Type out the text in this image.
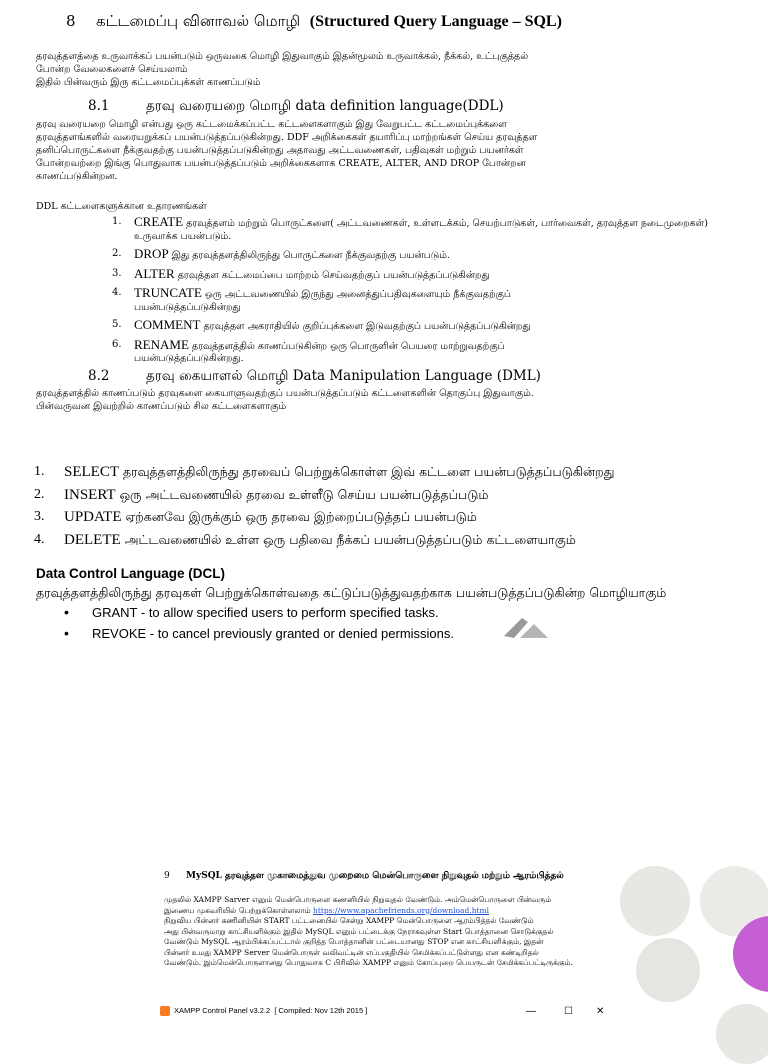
8 கட்டமைப்பு வினாவல் மொழி (Structured Query Language – SQL)
தரவுத்தளத்தை உருவாக்கப் பயன்படும் ஒருவகை மொழி இதுவாகும் இதன்மூலம் உருவாக்கல், நீக்கல், உட்புகுத்தல்
போன்ற வேலைகளைச் செய்யலாம்
இதில் பின்வரும் இரு கட்டமைப்புக்கள் காணப்படும்
8.1	தரவு வரையறை மொழி data definition language(DDL)
தரவு வரையறை மொழி என்பது ஒரு கட்டமைக்கப்பட்ட கட்டளைகளாகும் இது வேறுபட்ட கட்டமைப்புக்களை
தரவுத்தளங்களில் வரையறுக்கப் பயன்படுத்தப்படுகின்றது. DDF அறிக்கைகள் தயாரிப்பு மாற்றங்கள் செய்ய தரவுத்தள
தனிப்பொருட்களை நீக்குவதற்கு பயன்படுத்தப்படுகின்றது அதாவது அட்டவணைகள், பதிவுகள் மற்றும் பயனர்கள்
போன்றவற்றை இங்கு பொதுவாக பயன்படுத்தப்படும் அறிக்கைகளாக CREATE, ALTER, AND DROP போன்றன
காணப்படுகின்றன.
DDL கட்டளைகளுக்கான உதாரணங்கள்
1. CREATE தரவுத்தளம் மற்றும் பொருட்களை( அட்டவணைகள், உள்ளடக்கம், செயற்பாடுகள், பார்வைகள், தரவுத்தள நடைமுறைகள்) உருவாக்க பயன்படும்.
2. DROP இது தரவுத்தளத்திலிருந்து பொருட்களை நீக்குவதற்கு பயன்படும்.
3. ALTER தரவுத்தள கட்டமைப்பை மாற்றம் செய்வதற்குப் பயன்படுத்தப்படுகின்றது
4. TRUNCATE ஒரு அட்டவணையில் இருந்து அனைத்துப்பதிவுகளையும் நீக்குவதற்குப் பயன்படுத்தப்படுகின்றது
5. COMMENT தரவுத்தள அகராதியில் குறிப்புக்களை இடுவதற்குப் பயன்படுத்தப்படுகின்றது
6. RENAME தரவுத்தளத்தில் காணப்படுகின்ற ஒரு பொருளின் பெயரை மாற்றுவதற்குப் பயன்படுத்தப்படுகின்றது.
8.2	தரவு கையாளல் மொழி Data Manipulation Language (DML)
தரவுத்தளத்தில் காணப்படும் தரவுகளை கையாளுவதற்குப் பயன்படுத்தப்படும் கட்டளைகளின் தொகுப்பு இதுவாகும்.
பின்வருவன இவற்றில் காணப்படும் சில கட்டளைகளாகும்
1. SELECT தரவுத்தளத்திலிருந்து தரவைப் பெற்றுக்கொள்ள இவ் கட்டளை பயன்படுத்தப்படுகின்றது
2. INSERT ஒரு அட்டவணையில் தரவை உள்ளீடு செய்ய பயன்படுத்தப்படும்
3. UPDATE ஏற்கனவே இருக்கும் ஒரு தரவை இற்றைப்படுத்தப் பயன்படும்
4. DELETE அட்டவணையில் உள்ள ஒரு பதிவை நீக்கப் பயன்படுத்தப்படும் கட்டளையாகும்
Data Control Language (DCL)
தரவுத்தளத்திலிருந்து தரவுகள் பெற்றுக்கொள்வதை கட்டுப்படுத்துவதற்காக பயன்படுத்தப்படுகின்ற மொழியாகும்
• GRANT - to allow specified users to perform specified tasks.
• REVOKE - to cancel previously granted or denied permissions.
9 MySQL தரவுத்தள முகாமைத்துவ முறைமை மென்பொருளை நிறுவுதல் மற்றும் ஆரம்பித்தல்
முதலில் XAMPP Sarver எனும் மென்பொருளை கணனியில் நிறுவுதல் வேண்டும். அம்மென்பொருளை பின்வரும்
இணைய முகவரியில் பெற்றுக்கொள்ளலாம் https://www.apachefriends.org/download.html
நிறுவிய பின்னர் கணினியின் START பட்டனையில் சென்று XAMPP மென்பொருளை ஆரம்பித்தல் வேண்டும்
அது பின்வருமாறு காட்சியளிக்கும் இதில் MySQL எனும் பட்டைக்கு நேராகவுள்ள Start பொத்தானை சொடுக்குதல்
வேண்டும் MySQL ஆரம்பிக்கப்பட்டால் குறித்த பொத்தானின் பட்டையானது STOP என காட்சியளிக்கும், இதன்
பின்னர் உமது XAMPP Server மென்பொருள் வலிவட்டின் எப்பகுதியில் செமிக்கப்பட்டுள்ளது என கண்டிறிதல்
வேண்டும். இம்மென்பொருளானது பொதுவாக C பிரிவில் XAMPP எனும் கோப்புறை பெயருடன் சேமிக்கப்பட்டிருக்கும்.
XAMPP Control Panel v3.2.2 [ Compiled: Nov 12th 2015 ]	—	☐ ✕
